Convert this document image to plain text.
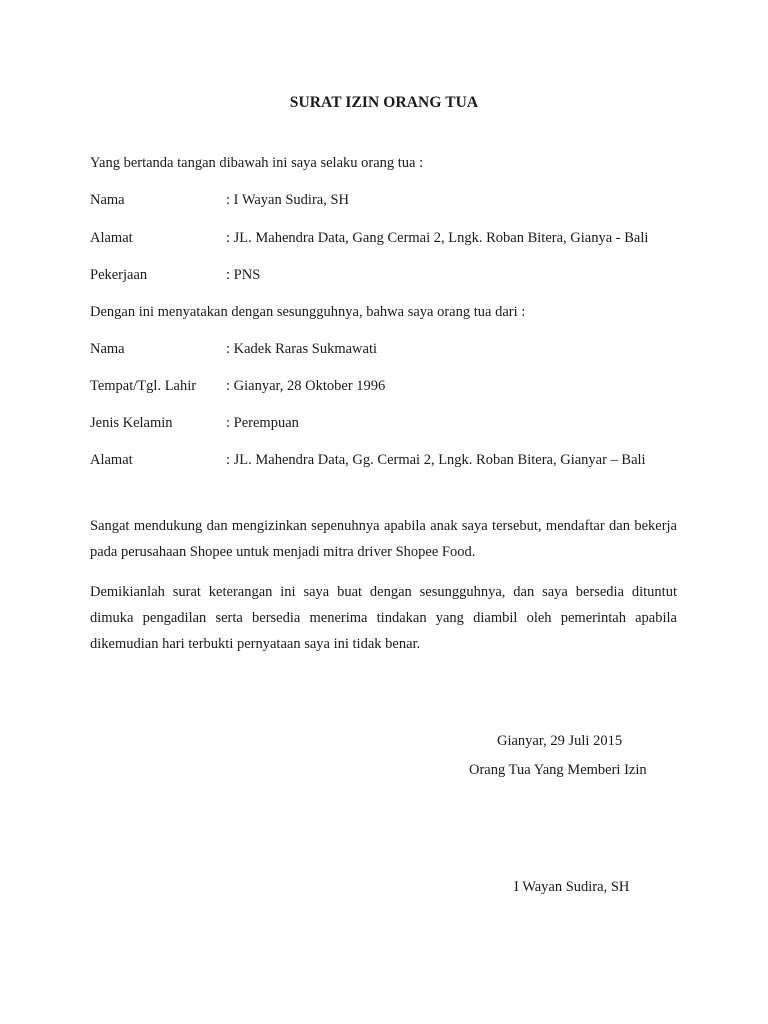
SURAT IZIN ORANG TUA
Yang bertanda tangan dibawah ini saya selaku orang tua :
Nama	: I Wayan Sudira, SH
Alamat	: JL. Mahendra Data, Gang Cermai 2, Lngk. Roban Bitera, Gianya - Bali
Pekerjaan	: PNS
Dengan ini menyatakan dengan sesungguhnya, bahwa saya orang tua dari :
Nama	: Kadek Raras Sukmawati
Tempat/Tgl. Lahir : Gianyar, 28 Oktober 1996
Jenis Kelamin	: Perempuan
Alamat	: JL. Mahendra Data, Gg. Cermai 2, Lngk. Roban Bitera, Gianyar – Bali
Sangat mendukung dan mengizinkan sepenuhnya apabila anak saya tersebut, mendaftar dan bekerja pada perusahaan Shopee untuk menjadi mitra driver Shopee Food.
Demikianlah surat keterangan ini saya buat dengan sesungguhnya, dan saya bersedia dituntut dimuka pengadilan serta bersedia menerima tindakan yang diambil oleh pemerintah apabila dikemudian hari terbukti pernyataan saya ini tidak benar.
Gianyar, 29 Juli 2015
Orang Tua Yang Memberi Izin
I Wayan Sudira, SH
